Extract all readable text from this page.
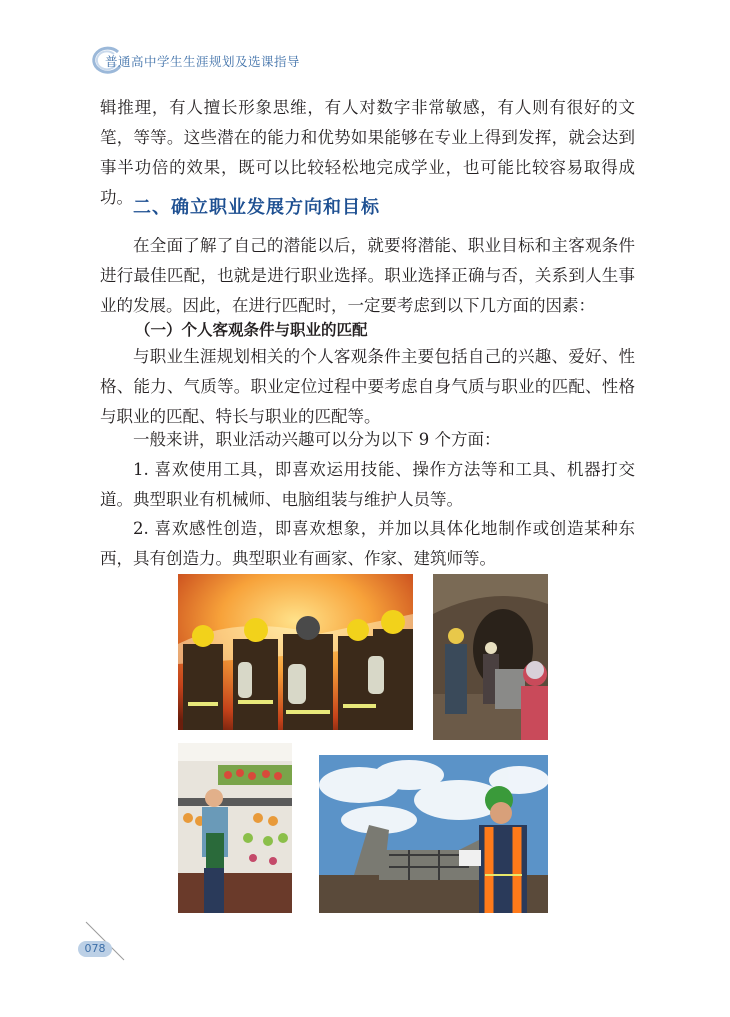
普通高中学生生涯规划及选课指导

辑推理，有人擅长形象思维，有人对数字非常敏感，有人则有很好的文笔，等等。这些潜在的能力和优势如果能够在专业上得到发挥，就会达到事半功倍的效果，既可以比较轻松地完成学业，也可能比较容易取得成功。 二、确立职业发展方向和目标

在全面了解了自己的潜能以后，就要将潜能、职业目标和主客观条件进行最佳匹配，也就是进行职业选择。职业选择正确与否，关系到人生事业的发展。因此，在进行匹配时，一定要考虑到以下几方面的因素：

（一）个人客观条件与职业的匹配

与职业生涯规划相关的个人客观条件主要包括自己的兴趣、爱好、性格、能力、气质等。职业定位过程中要考虑自身气质与职业的匹配、性格与职业的匹配、特长与职业的匹配等。

一般来讲，职业活动兴趣可以分为以下 9 个方面：

1. 喜欢使用工具，即喜欢运用技能、操作方法等和工具、机器打交道。典型职业有机械师、电脑组装与维护人员等。

2. 喜欢感性创造，即喜欢想象，并加以具体化地制作或创造某种东西，具有创造力。典型职业有画家、作家、建筑师等。

078
